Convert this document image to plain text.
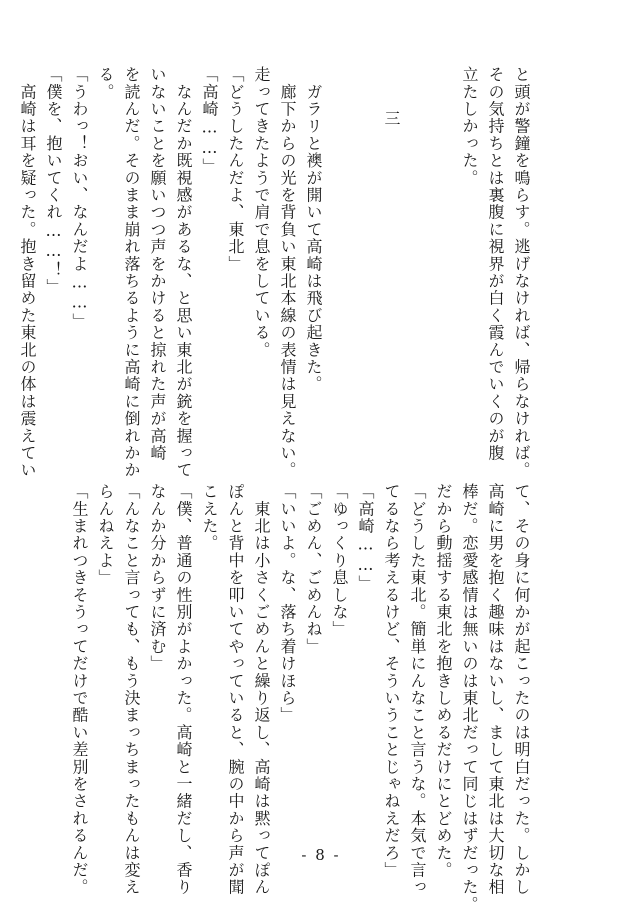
と頭が警鐘を鳴らす。逃げなければ、帰らなければ。
その気持ちとは裏腹に視界が白く霞んでいくのが腹
立たしかった。
三
　ガラリと襖が開いて高崎は飛び起きた。
　廊下からの光を背負い東北本線の表情は見えない。
走ってきたようで肩で息をしている。
「どうしたんだよ、東北」
「高崎……」
　なんだか既視感があるな、と思い東北が銃を握って
いないことを願いつつ声をかけると掠れた声が高崎
を読んだ。そのまま崩れ落ちるように高崎に倒れかか
る。
「うわっ！おい、なんだよ……」
「僕を、抱いてくれ……！」
　高崎は耳を疑った。抱き留めた東北の体は震えてい
て、その身に何かが起こったのは明白だった。しかし
高崎に男を抱く趣味はないし、まして東北は大切な相
棒だ。恋愛感情は無いのは東北だって同じはずだった。
だから動揺する東北を抱きしめるだけにとどめた。
「どうした東北。簡単にんなこと言うな。本気で言っ
てるなら考えるけど、そういうことじゃねえだろ」
「高崎……」
「ゆっくり息しな」
「ごめん、ごめんね」
「いいよ。な、落ち着けほら」
　東北は小さくごめんと繰り返し、高崎は黙ってぽん
ぽんと背中を叩いてやっていると、腕の中から声が聞
こえた。
「僕、普通の性別がよかった。高崎と一緒だし、香り
なんか分からずに済む」
「んなこと言っても、もう決まっちまったもんは変え
らんねえよ」
「生まれつきそうってだけで酷い差別をされるんだ。	- 8 -
